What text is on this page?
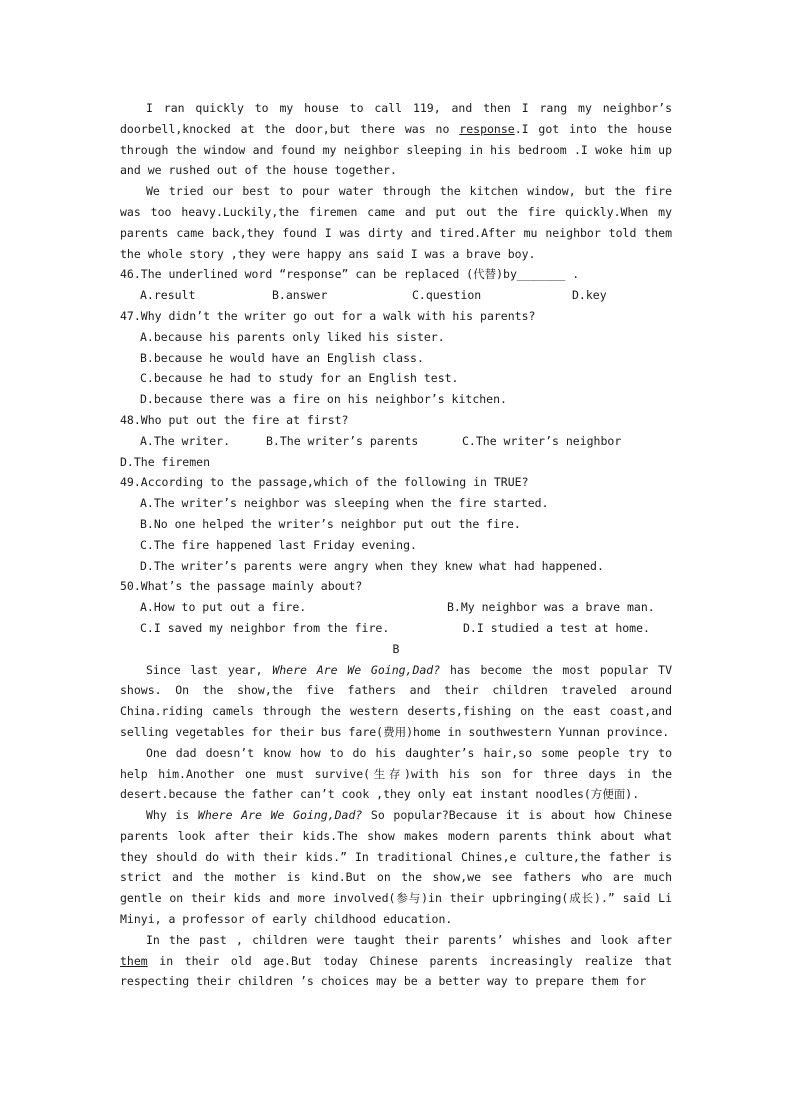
I ran quickly to my house to call 119, and then I rang my neighbor’s doorbell,knocked at the door,but there was no response.I got into the house through the window and found my neighbor sleeping in his bedroom .I woke him up and we rushed out of the house together.

We tried our best to pour water through the kitchen window, but the fire was too heavy.Luckily,the firemen came and put out the fire quickly.When my parents came back,they found I was dirty and tired.After mu neighbor told them the whole story ,they were happy ans said I was a brave boy.

46.The underlined word “response” can be replaced (代替)by_______ .

A.result	B.answer	C.question	D.key

47.Why didn’t the writer go out for a walk with his parents?

A.because his parents only liked his sister.

B.because he would have an English class.

C.because he had to study for an English test.

D.because there was a fire on his neighbor’s kitchen.

48.Who put out the fire at first?

A.The writer.	B.The writer’s parents	C.The writer’s neighbor

D.The firemen

49.According to the passage,which of the following in TRUE?

A.The writer’s neighbor was sleeping when the fire started.

B.No one helped the writer’s neighbor put out the fire.

C.The fire happened last Friday evening.

D.The writer’s parents were angry when they knew what had happened.

50.What’s the passage mainly about?

A.How to put out a fire.	B.My neighbor was a brave man.
C.I saved my neighbor from the fire.	D.I studied a test at home.

B

Since last year, Where Are We Going,Dad? has become the most popular TV shows. On the show,the five fathers and their children traveled around China.riding camels through the western deserts,fishing on the east coast,and selling vegetables for their bus fare(费用)home in southwestern Yunnan province.

One dad doesn’t know how to do his daughter’s hair,so some people try to help him.Another one must survive(生存)with his son for three days in the desert.because the father can’t cook ,they only eat instant noodles(方便面).

Why is Where Are We Going,Dad? So popular?Because it is about how Chinese parents look after their kids.The show makes modern parents think about what they should do with their kids.” In traditional Chines,e culture,the father is strict and the mother is kind.But on the show,we see fathers who are much gentle on their kids and more involved(参与)in their upbringing(成长).” said Li Minyi, a professor of early childhood education.

In the past , children were taught their parents’ whishes and look after them in their old age.But today Chinese parents increasingly realize that respecting their children ’s choices may be a better way to prepare them for
